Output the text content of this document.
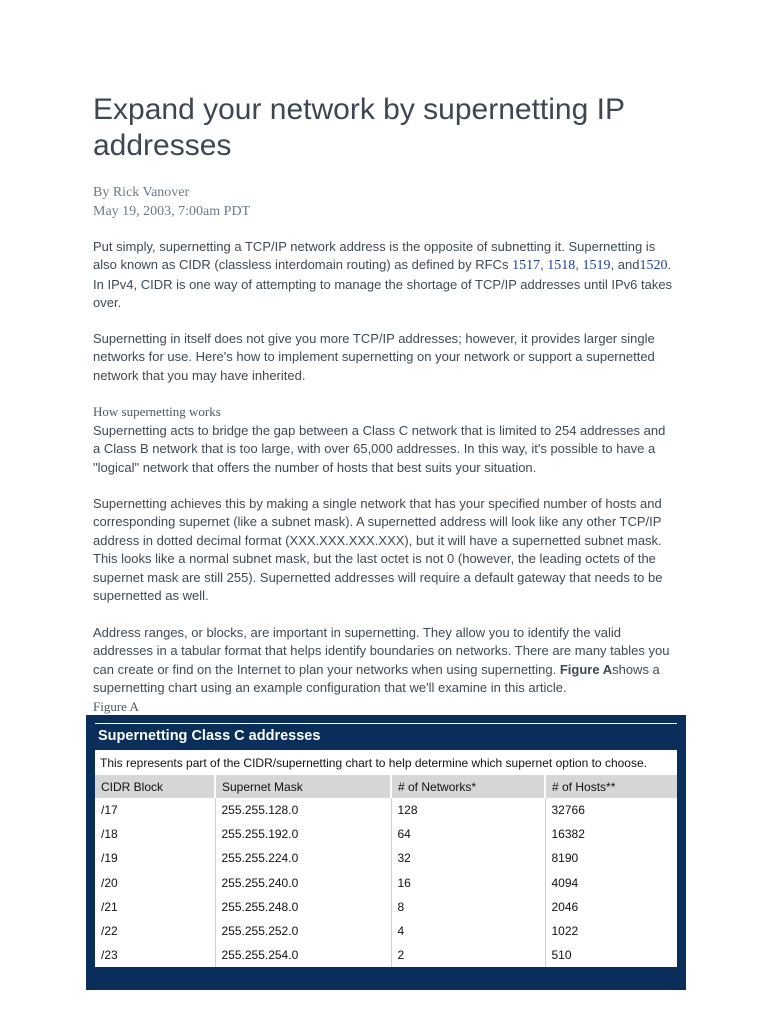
Expand your network by supernetting IP addresses
By Rick Vanover
May 19, 2003, 7:00am PDT

Put simply, supernetting a TCP/IP network address is the opposite of subnetting it. Supernetting is also known as CIDR (classless interdomain routing) as defined by RFCs 1517, 1518, 1519, and1520. In IPv4, CIDR is one way of attempting to manage the shortage of TCP/IP addresses until IPv6 takes over.

Supernetting in itself does not give you more TCP/IP addresses; however, it provides larger single networks for use. Here's how to implement supernetting on your network or support a supernetted network that you may have inherited.

How supernetting works

Supernetting acts to bridge the gap between a Class C network that is limited to 254 addresses and a Class B network that is too large, with over 65,000 addresses. In this way, it's possible to have a "logical" network that offers the number of hosts that best suits your situation.

Supernetting achieves this by making a single network that has your specified number of hosts and corresponding supernet (like a subnet mask). A supernetted address will look like any other TCP/IP address in dotted decimal format (XXX.XXX.XXX.XXX), but it will have a supernetted subnet mask. This looks like a normal subnet mask, but the last octet is not 0 (however, the leading octets of the supernet mask are still 255). Supernetted addresses will require a default gateway that needs to be supernetted as well.

Address ranges, or blocks, are important in supernetting. They allow you to identify the valid addresses in a tabular format that helps identify boundaries on networks. There are many tables you can create or find on the Internet to plan your networks when using supernetting. Figure Ashows a supernetting chart using an example configuration that we'll examine in this article.

Figure A
Supernetting Class C addresses
This represents part of the CIDR/supernetting chart to help determine which supernet option to choose.
CIDR Block	Supernet Mask	# of Networks*	# of Hosts**
/17	255.255.128.0	128	32766
/18	255.255.192.0	64	16382
/19	255.255.224.0	32	8190
/20	255.255.240.0	16	4094
/21	255.255.248.0	8	2046
/22	255.255.252.0	4	1022
/23	255.255.254.0	2	510
